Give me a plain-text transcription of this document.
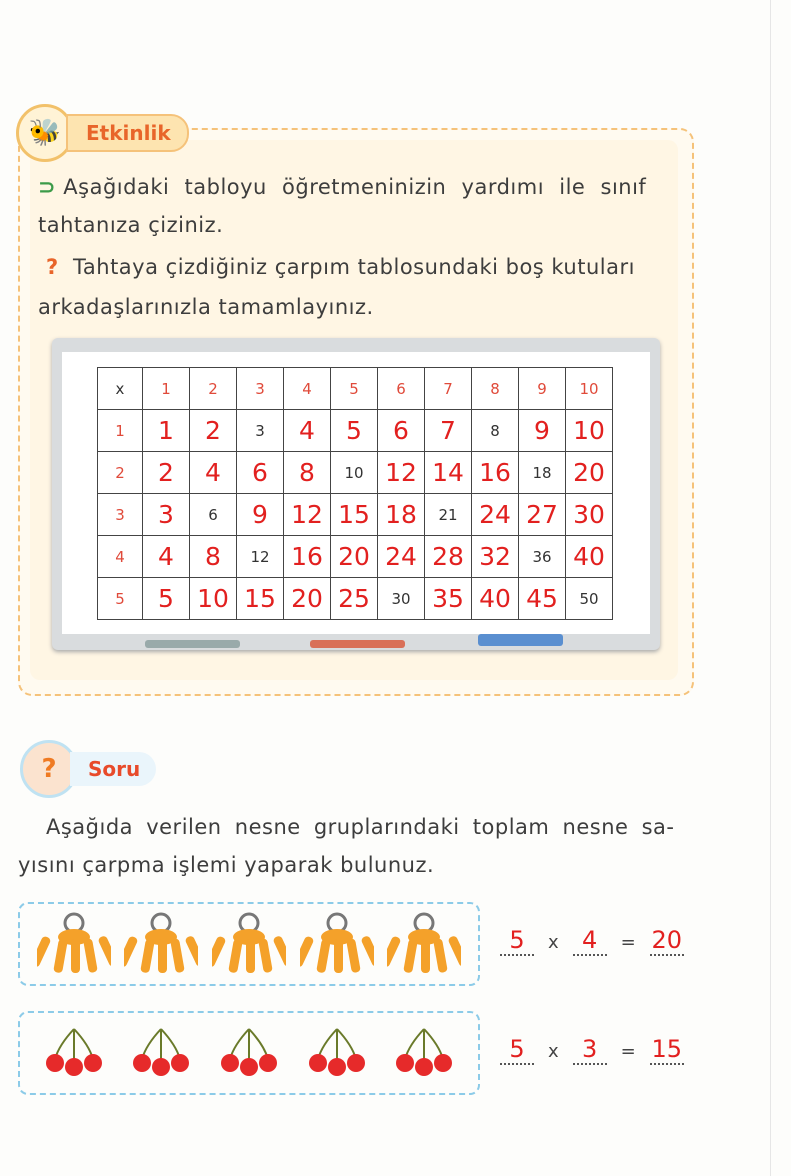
🐝	Etkinlik
⊃ Aşağıdaki tabloyu öğretmeninizin yardımı ile sınıf
tahtanıza çiziniz.
? Tahtaya çizdiğiniz çarpım tablosundaki boş kutuları
arkadaşlarınızla tamamlayınız.
x	1	2	3	4	5	6	7	8	9	10
1	1	2	3	4	5	6	7	8	9	10
2	2	4	6	8	10	12	14	16	18	20
3	3	6	9	12	15	18	21	24	27	30
4	4	8	12	16	20	24	28	32	36	40
5	5	10	15	20	25	30	35	40	45	50
?	Soru
Aşağıda verilen nesne gruplarındaki toplam nesne sa-
yısını çarpma işlemi yaparak bulunuz.
5	x 4	= 20
5	x 3	= 15
